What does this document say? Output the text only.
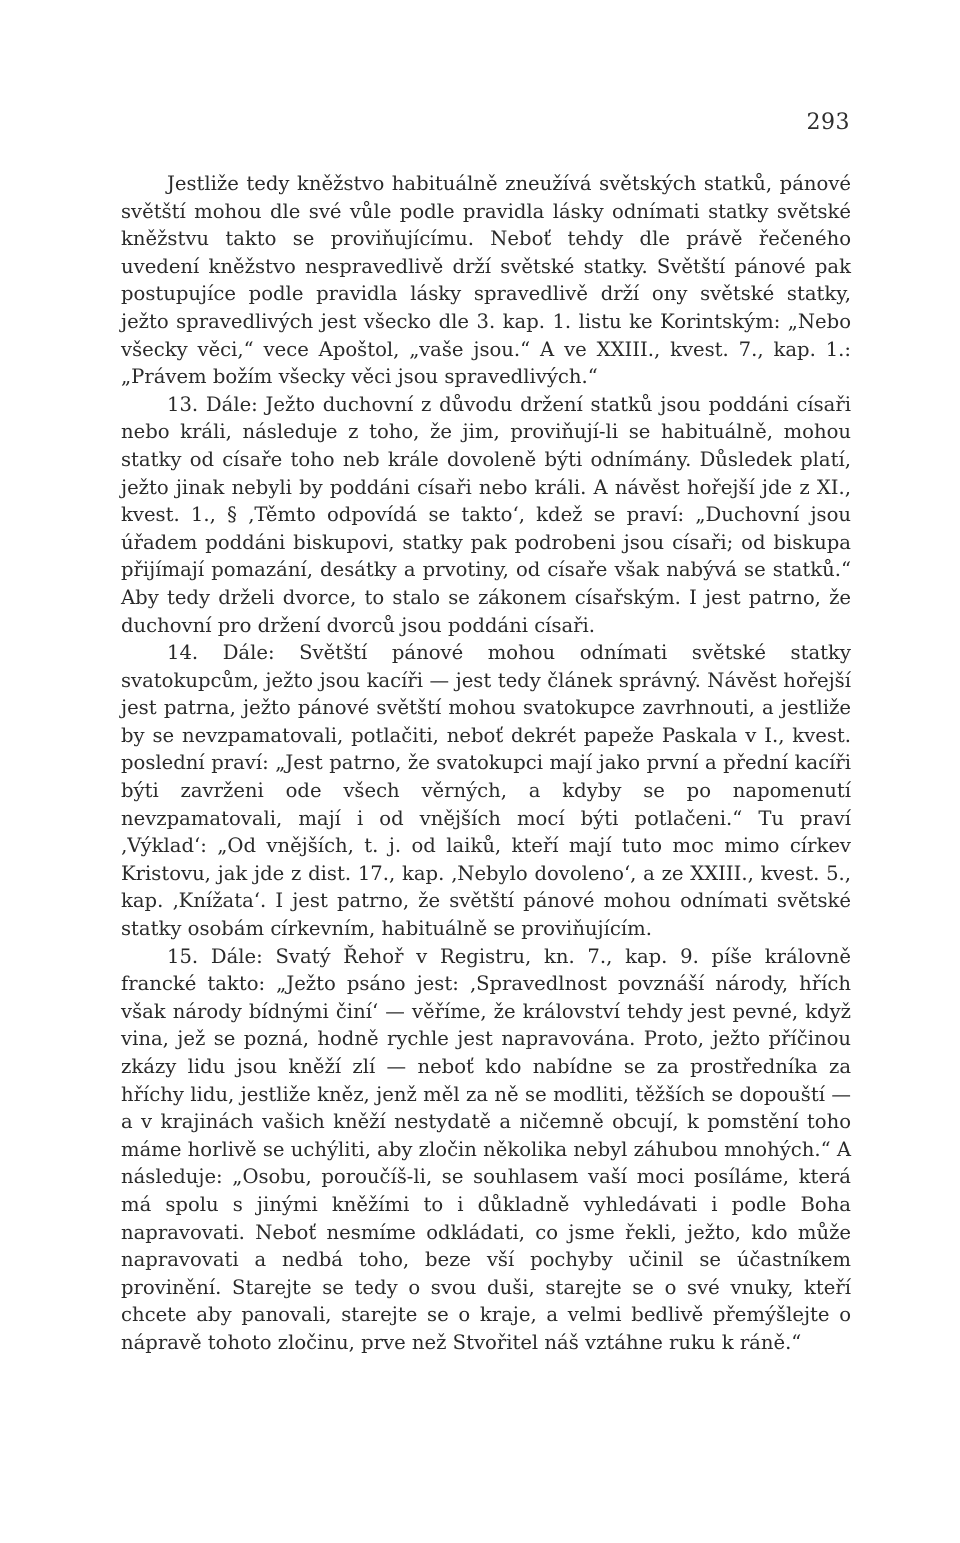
293

Jestliže tedy kněžstvo habituálně zneužívá světských statků, pánové světští mohou dle své vůle podle pravidla lásky odnímati statky světské kněžstvu takto se proviňujícímu. Neboť tehdy dle právě řečeného uvedení kněžstvo nespravedlivě drží světské statky. Světští pánové pak postupujíce podle pravidla lásky spravedlivě drží ony světské statky, ježto spravedlivých jest všecko dle 3. kap. 1. listu ke Korintským: „Nebo všecky věci,“ vece Apoštol, „vaše jsou.“ A ve XXIII., kvest. 7., kap. 1.: „Právem božím všecky věci jsou spravedlivých.“

13. Dále: Ježto duchovní z důvodu držení statků jsou poddáni císaři nebo králi, následuje z toho, že jim, proviňují-li se habituálně, mohou statky od císaře toho neb krále dovoleně býti odnímány. Důsledek platí, ježto jinak nebyli by poddáni císaři nebo králi. A návěst hořejší jde z XI., kvest. 1., § ‚Těmto odpovídá se takto‘, kdež se praví: „Duchovní jsou úřadem poddáni biskupovi, statky pak podrobeni jsou císaři; od biskupa přijímají pomazání, desátky a prvotiny, od císaře však nabývá se statků.“ Aby tedy drželi dvorce, to stalo se zákonem císařským. I jest patrno, že duchovní pro držení dvorců jsou poddáni císaři.

14. Dále: Světští pánové mohou odnímati světské statky svatokupcům, ježto jsou kacíři — jest tedy článek správný. Návěst hořejší jest patrna, ježto pánové světští mohou svatokupce zavrhnouti, a jestliže by se nevzpamatovali, potlačiti, neboť dekrét papeže Paskala v I., kvest. poslední praví: „Jest patrno, že svatokupci mají jako první a přední kacíři býti zavrženi ode všech věrných, a kdyby se po napomenutí nevzpamatovali, mají i od vnějších mocí býti potlačeni.“ Tu praví ‚Výklad‘: „Od vnějších, t. j. od laiků, kteří mají tuto moc mimo církev Kristovu, jak jde z dist. 17., kap. ‚Nebylo dovoleno‘, a ze XXIII., kvest. 5., kap. ‚Knížata‘. I jest patrno, že světští pánové mohou odnímati světské statky osobám církevním, habituálně se proviňujícím.

15. Dále: Svatý Řehoř v Registru, kn. 7., kap. 9. píše královně francké takto: „Ježto psáno jest: ‚Spravedlnost povznáší národy, hřích však národy bídnými činí‘ — věříme, že království tehdy jest pevné, když vina, jež se pozná, hodně rychle jest napravována. Proto, ježto příčinou zkázy lidu jsou kněží zlí — neboť kdo nabídne se za prostředníka za hříchy lidu, jestliže kněz, jenž měl za ně se modliti, těžších se dopouští — a v krajinách vašich kněží nestydatě a ničemně obcují, k pomstění toho máme horlivě se uchýliti, aby zločin několika nebyl záhubou mnohých.“ A následuje: „Osobu, poroučíš-li, se souhlasem vaší moci posíláme, která má spolu s jinými kněžími to i důkladně vyhledávati i podle Boha napravovati. Neboť nesmíme odkládati, co jsme řekli, ježto, kdo může napravovati a nedbá toho, beze vší pochyby učinil se účastníkem provinění. Starejte se tedy o svou duši, starejte se o své vnuky, kteří chcete aby panovali, starejte se o kraje, a velmi bedlivě přemýšlejte o nápravě tohoto zločinu, prve než Stvořitel náš vztáhne ruku k ráně.“
